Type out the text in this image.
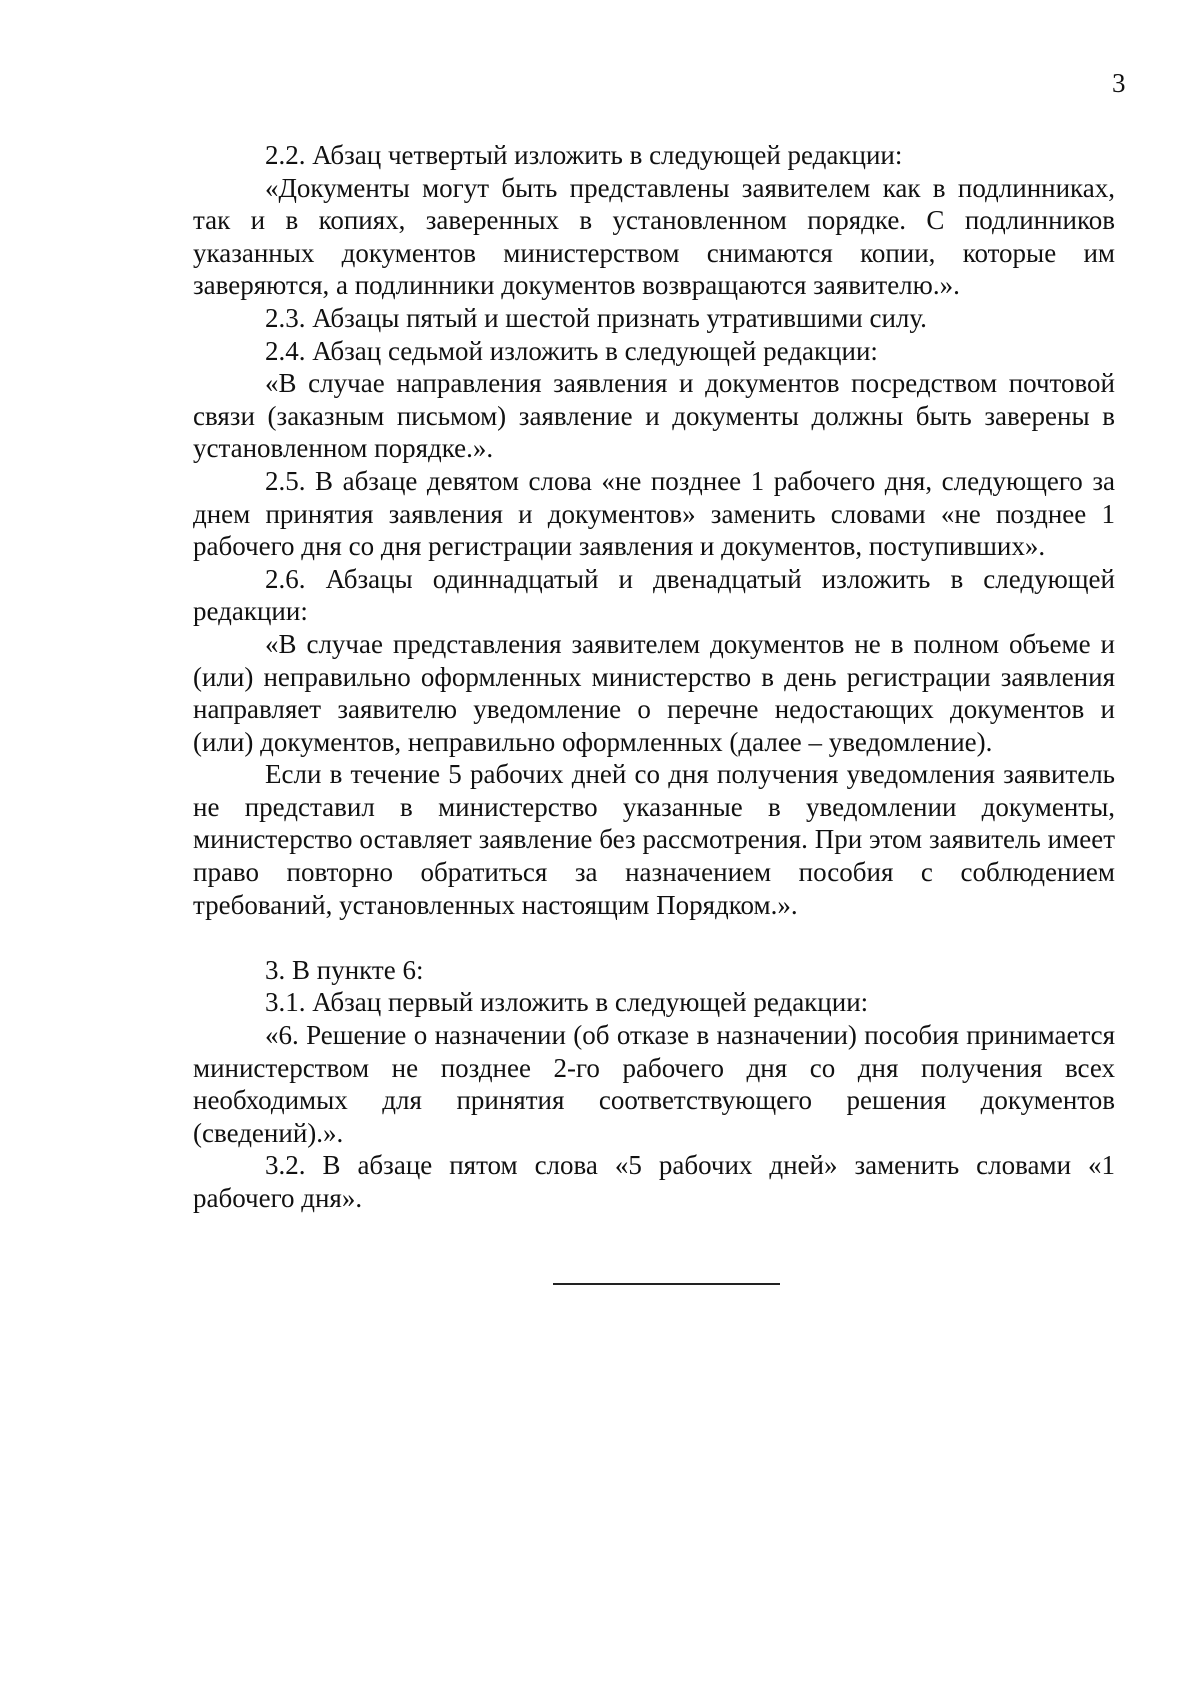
3

2.2. Абзац четвертый изложить в следующей редакции:

«Документы могут быть представлены заявителем как в подлинниках, так и в копиях, заверенных в установленном порядке. С подлинников указанных документов министерством снимаются копии, которые им заверяются, а подлинники документов возвращаются заявителю.».

2.3. Абзацы пятый и шестой признать утратившими силу.

2.4. Абзац седьмой изложить в следующей редакции:

«В случае направления заявления и документов посредством почтовой связи (заказным письмом) заявление и документы должны быть заверены в установленном порядке.».

2.5. В абзаце девятом слова «не позднее 1 рабочего дня, следующего за днем принятия заявления и документов» заменить словами «не позднее 1 рабочего дня со дня регистрации заявления и документов, поступивших».

2.6. Абзацы одиннадцатый и двенадцатый изложить в следующей редакции:

«В случае представления заявителем документов не в полном объеме и (или) неправильно оформленных министерство в день регистрации заявления направляет заявителю уведомление о перечне недостающих документов и (или) документов, неправильно оформленных (далее – уведомление).

Если в течение 5 рабочих дней со дня получения уведомления заявитель не представил в министерство указанные в уведомлении документы, министерство оставляет заявление без рассмотрения. При этом заявитель имеет право повторно обратиться за назначением пособия с соблюдением требований, установленных настоящим Порядком.».

3. В пункте 6:

3.1. Абзац первый изложить в следующей редакции:

«6. Решение о назначении (об отказе в назначении) пособия принимается министерством не позднее 2-го рабочего дня со дня получения всех необходимых для принятия соответствующего решения документов (сведений).».

3.2. В абзаце пятом слова «5 рабочих дней» заменить словами «1 рабочего дня».
